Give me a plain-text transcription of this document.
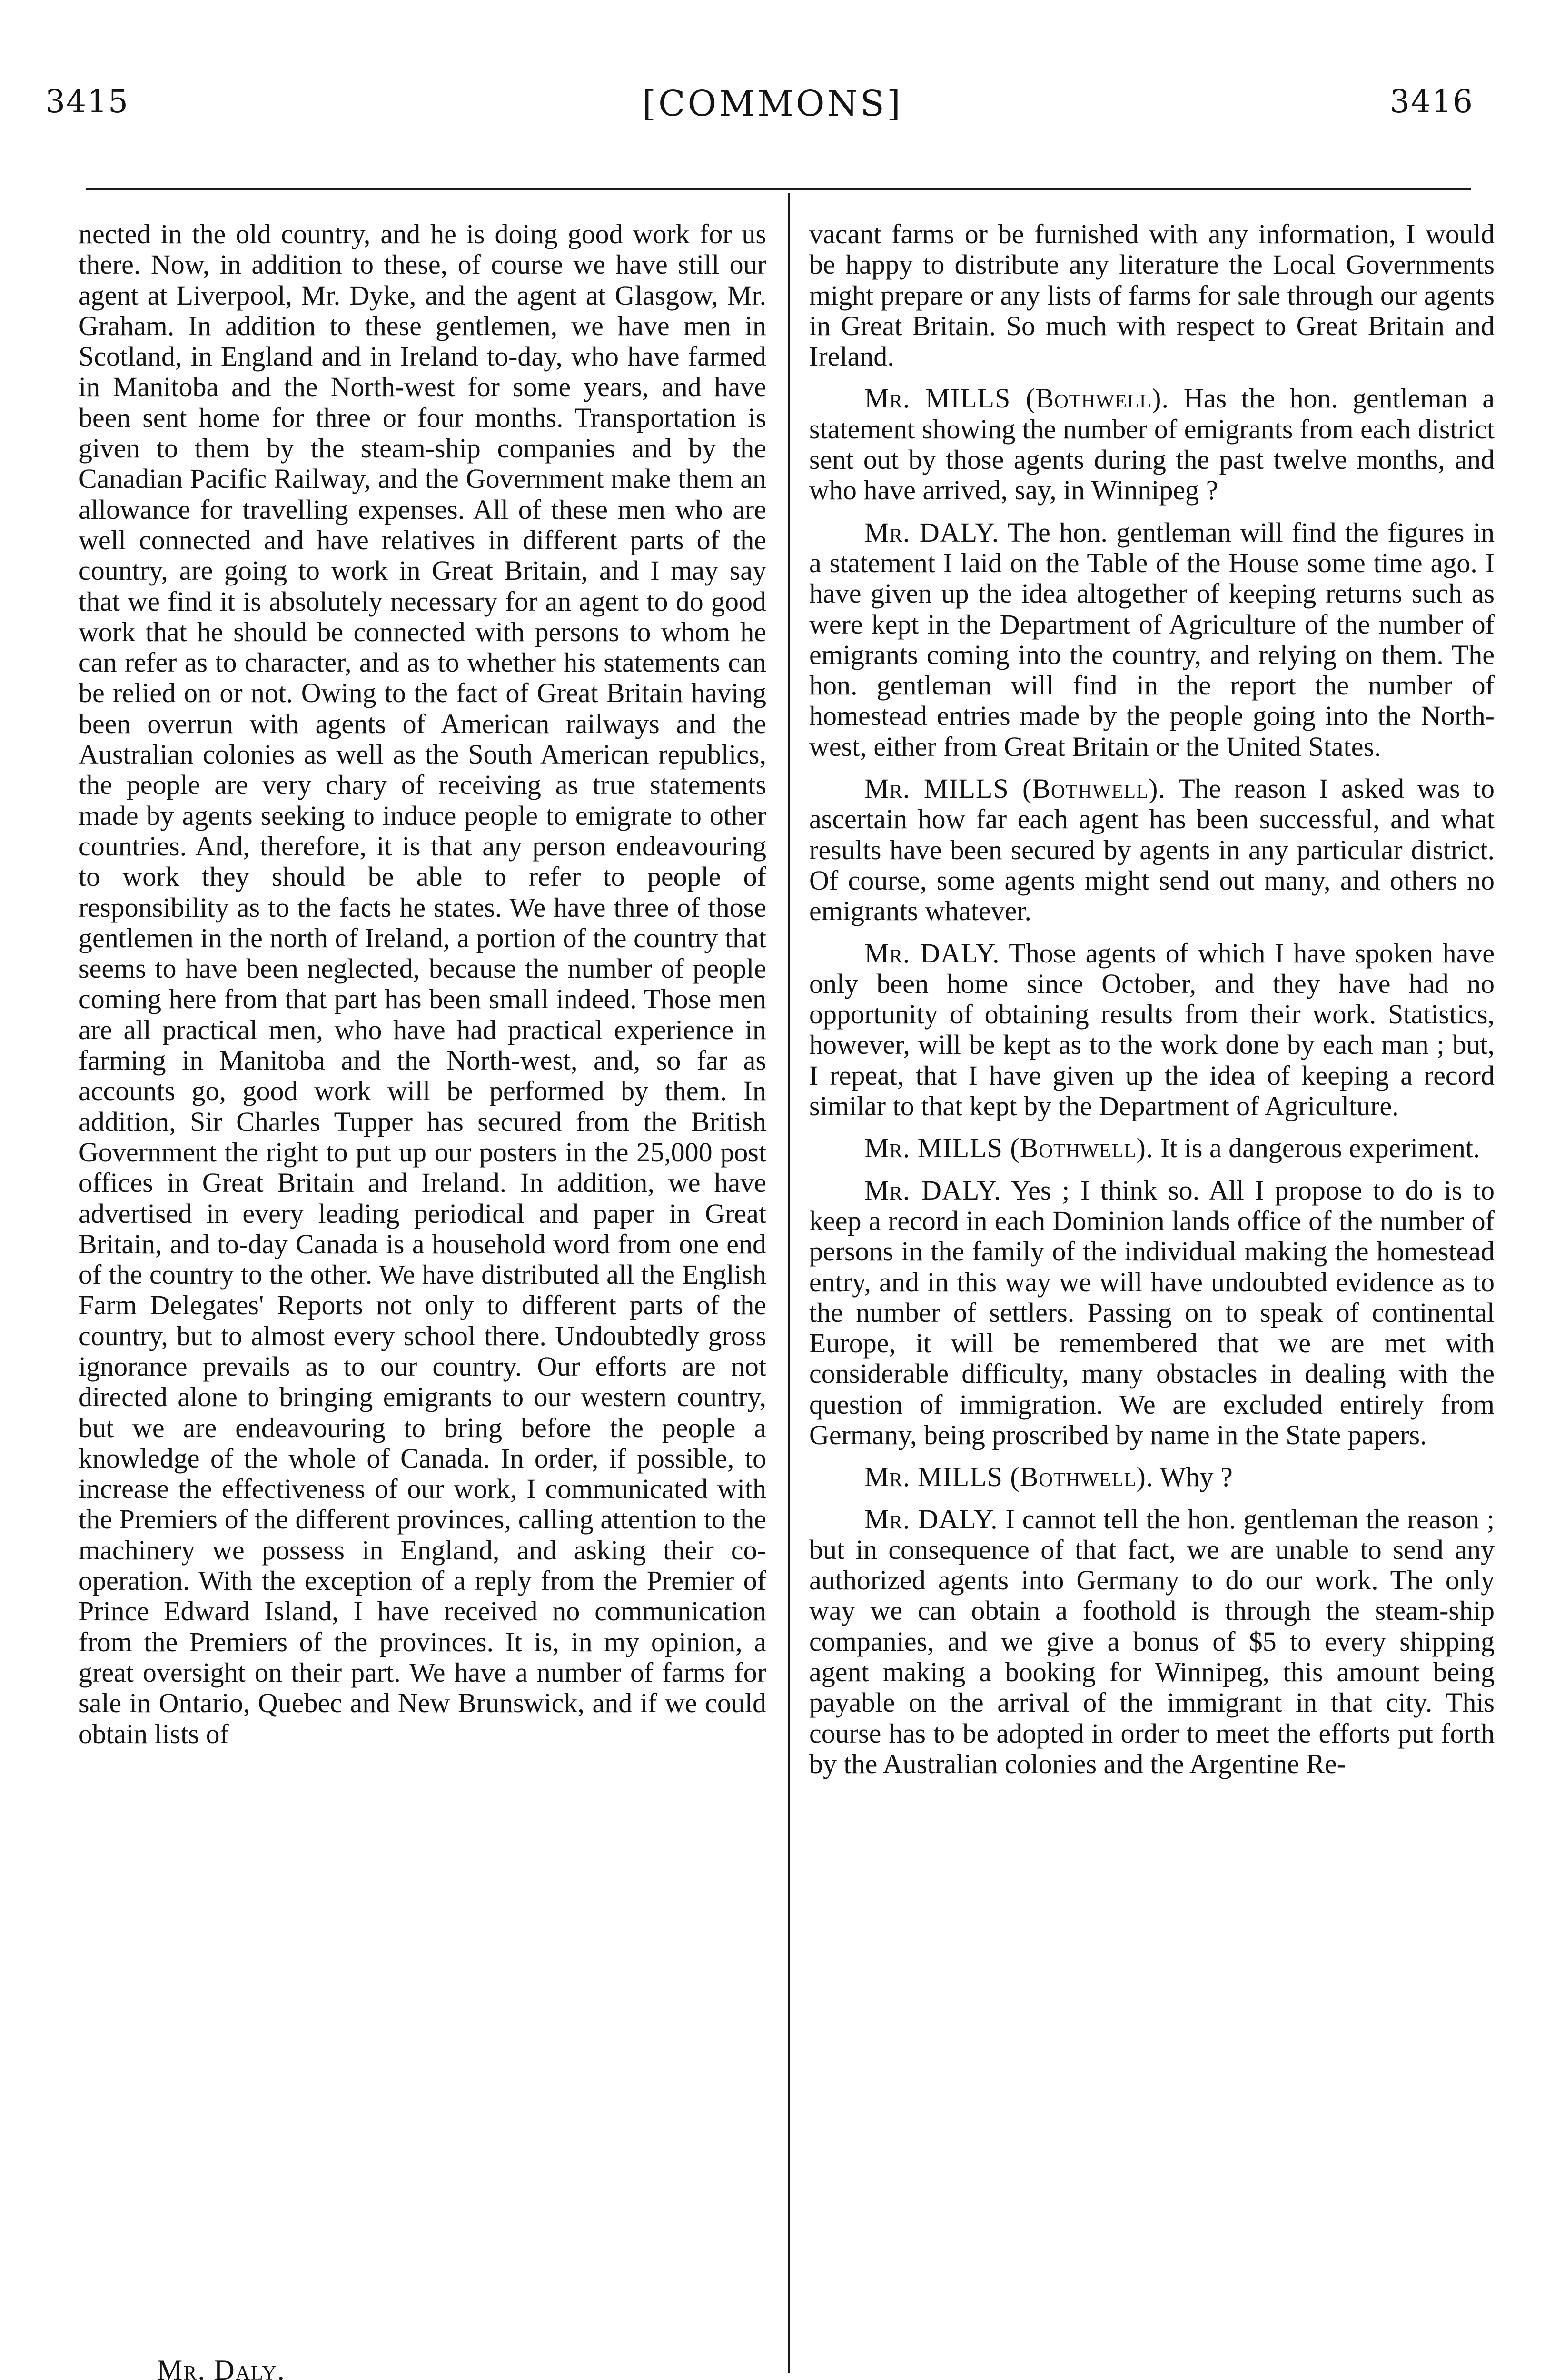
3415	[COMMONS]	3416

nected in the old country, and he is doing good work for us there. Now, in addition to these, of course we have still our agent at Liverpool, Mr. Dyke, and the agent at Glasgow, Mr. Graham. In addition to these gentlemen, we have men in Scotland, in England and in Ireland to-day, who have farmed in Manitoba and the North-west for some years, and have been sent home for three or four months. Transportation is given to them by the steam-ship companies and by the Canadian Pacific Railway, and the Government make them an allowance for travelling expenses. All of these men who are well connected and have relatives in different parts of the country, are going to work in Great Britain, and I may say that we find it is absolutely necessary for an agent to do good work that he should be connected with persons to whom he can refer as to character, and as to whether his statements can be relied on or not. Owing to the fact of Great Britain having been overrun with agents of American railways and the Australian colonies as well as the South American republics, the people are very chary of receiving as true statements made by agents seeking to induce people to emigrate to other countries. And, therefore, it is that any person endeavouring to work they should be able to refer to people of responsibility as to the facts he states. We have three of those gentlemen in the north of Ireland, a portion of the country that seems to have been neglected, because the number of people coming here from that part has been small indeed. Those men are all practical men, who have had practical experience in farming in Manitoba and the North-west, and, so far as accounts go, good work will be performed by them. In addition, Sir Charles Tupper has secured from the British Government the right to put up our posters in the 25,000 post offices in Great Britain and Ireland. In addition, we have advertised in every leading periodical and paper in Great Britain, and to-day Canada is a household word from one end of the country to the other. We have distributed all the English Farm Delegates' Reports not only to different parts of the country, but to almost every school there. Undoubtedly gross ignorance prevails as to our country. Our efforts are not directed alone to bringing emigrants to our western country, but we are endeavouring to bring before the people a knowledge of the whole of Canada. In order, if possible, to increase the effectiveness of our work, I communicated with the Premiers of the different provinces, calling attention to the machinery we possess in England, and asking their co-operation. With the exception of a reply from the Premier of Prince Edward Island, I have received no communication from the Premiers of the provinces. It is, in my opinion, a great oversight on their part. We have a number of farms for sale in Ontario, Quebec and New Brunswick, and if we could obtain lists of

Mr. Daly.

vacant farms or be furnished with any information, I would be happy to distribute any literature the Local Governments might prepare or any lists of farms for sale through our agents in Great Britain. So much with respect to Great Britain and Ireland.

Mr. MILLS (Bothwell). Has the hon. gentleman a statement showing the number of emigrants from each district sent out by those agents during the past twelve months, and who have arrived, say, in Winnipeg ?

Mr. DALY. The hon. gentleman will find the figures in a statement I laid on the Table of the House some time ago. I have given up the idea altogether of keeping returns such as were kept in the Department of Agriculture of the number of emigrants coming into the country, and relying on them. The hon. gentleman will find in the report the number of homestead entries made by the people going into the North-west, either from Great Britain or the United States.

Mr. MILLS (Bothwell). The reason I asked was to ascertain how far each agent has been successful, and what results have been secured by agents in any particular district. Of course, some agents might send out many, and others no emigrants whatever.

Mr. DALY. Those agents of which I have spoken have only been home since October, and they have had no opportunity of obtaining results from their work. Statistics, however, will be kept as to the work done by each man ; but, I repeat, that I have given up the idea of keeping a record similar to that kept by the Department of Agriculture.

Mr. MILLS (Bothwell). It is a dangerous experiment.

Mr. DALY. Yes ; I think so. All I propose to do is to keep a record in each Dominion lands office of the number of persons in the family of the individual making the homestead entry, and in this way we will have undoubted evidence as to the number of settlers. Passing on to speak of continental Europe, it will be remembered that we are met with considerable difficulty, many obstacles in dealing with the question of immigration. We are excluded entirely from Germany, being proscribed by name in the State papers.

Mr. MILLS (Bothwell). Why ?

Mr. DALY. I cannot tell the hon. gentleman the reason ; but in consequence of that fact, we are unable to send any authorized agents into Germany to do our work. The only way we can obtain a foothold is through the steam-ship companies, and we give a bonus of $5 to every shipping agent making a booking for Winnipeg, this amount being payable on the arrival of the immigrant in that city. This course has to be adopted in order to meet the efforts put forth by the Australian colonies and the Argentine Re-
